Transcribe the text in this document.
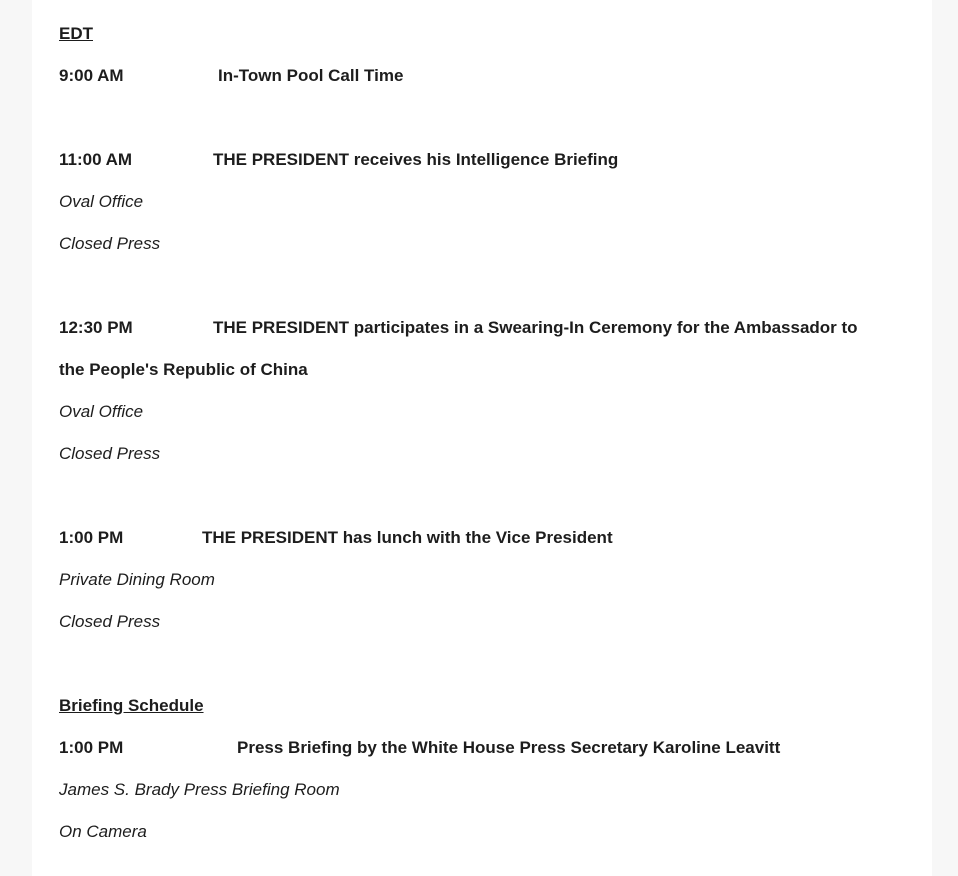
EDT
9:00 AM	In-Town Pool Call Time
11:00 AM	THE PRESIDENT receives his Intelligence Briefing
Oval Office
Closed Press
12:30 PM	THE PRESIDENT participates in a Swearing-In Ceremony for the Ambassador to
the People's Republic of China
Oval Office
Closed Press
1:00 PM	THE PRESIDENT has lunch with the Vice President
Private Dining Room
Closed Press
Briefing Schedule
1:00 PM	Press Briefing by the White House Press Secretary Karoline Leavitt
James S. Brady Press Briefing Room
On Camera
